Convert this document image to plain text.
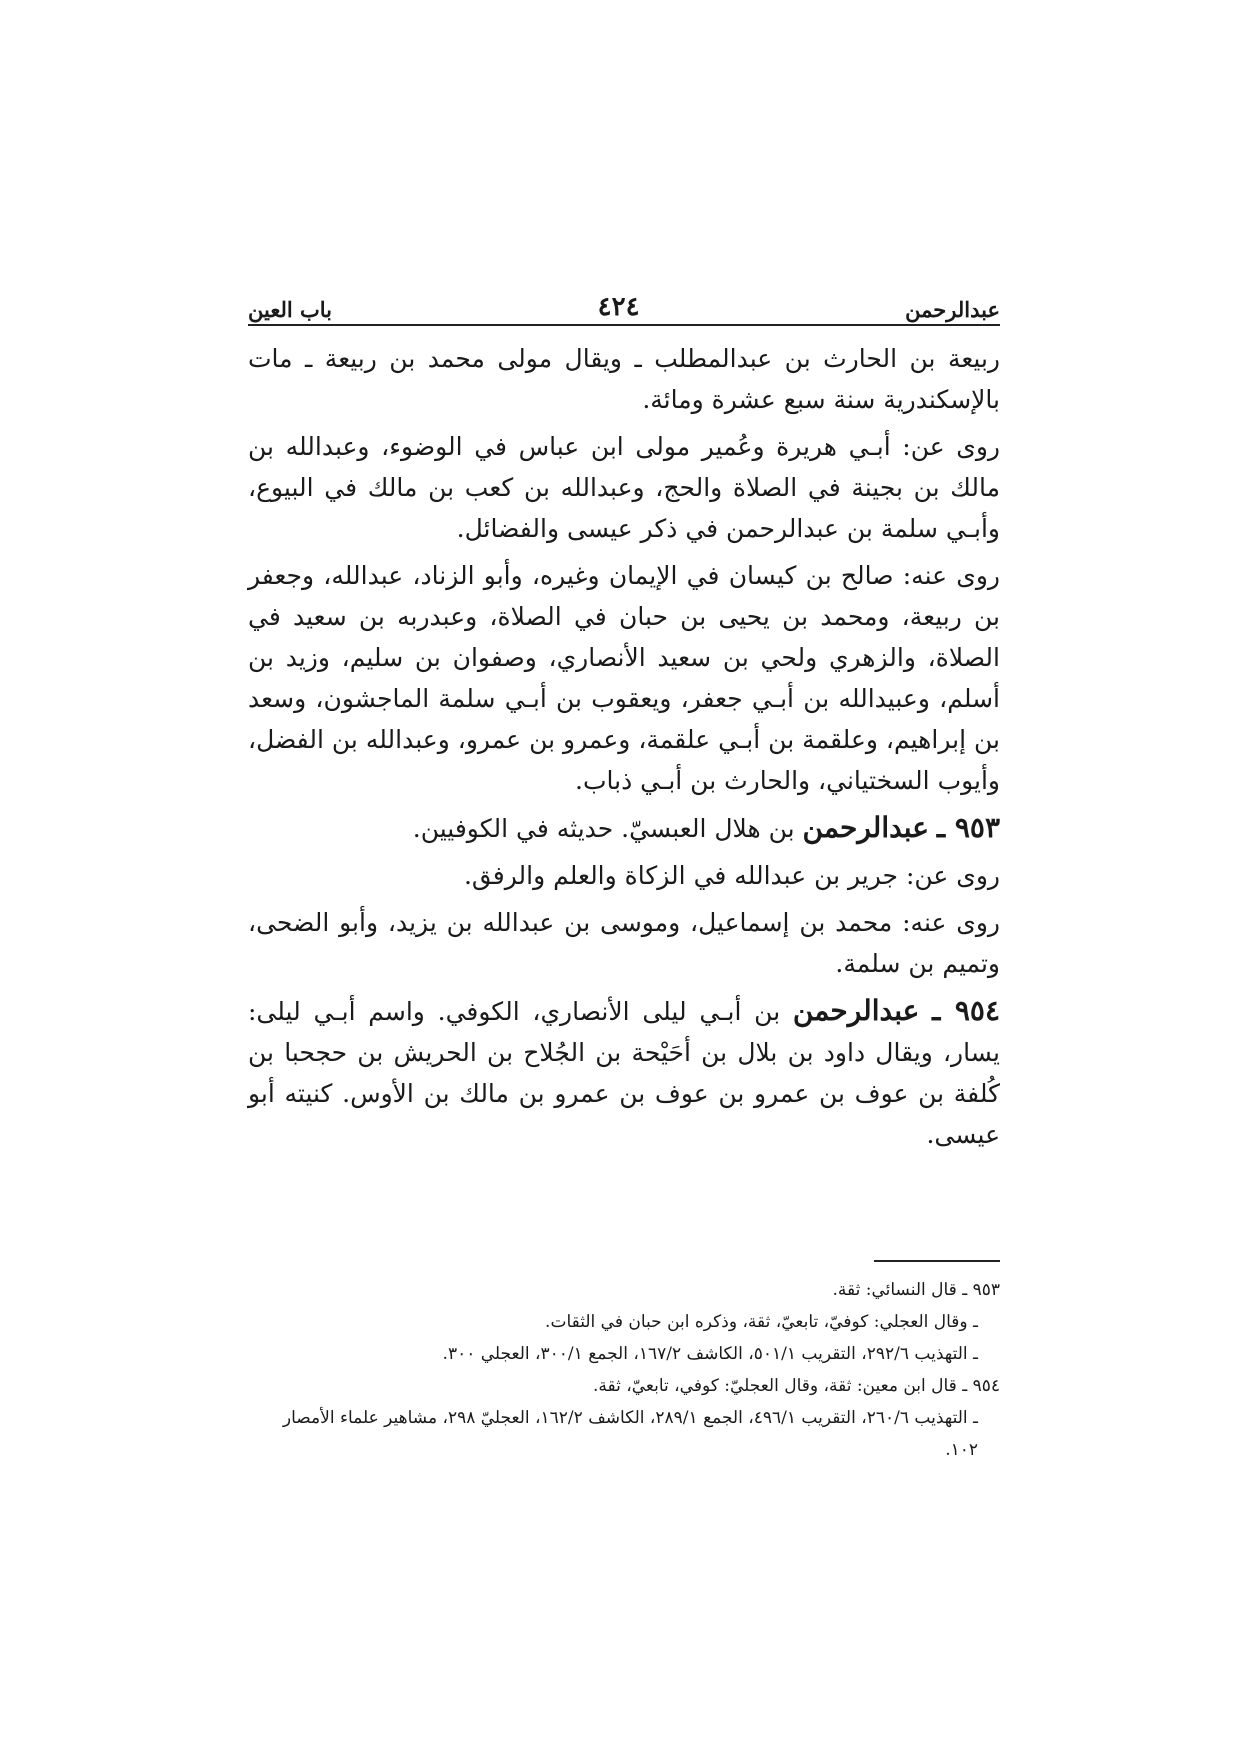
عبدالرحمن
٤٢٤
باب العين

ربيعة بن الحارث بن عبدالمطلب ـ ويقال مولى محمد بن ربيعة ـ مات بالإسكندرية سنة سبع عشرة ومائة.

روى عن: أبـي هريرة وعُمير مولى ابن عباس في الوضوء، وعبدالله بن مالك بن بجينة في الصلاة والحج، وعبدالله بن كعب بن مالك في البيوع، وأبـي سلمة بن عبدالرحمن في ذكر عيسى والفضائل.

روى عنه: صالح بن كيسان في الإيمان وغيره، وأبو الزناد، عبدالله، وجعفر بن ربيعة، ومحمد بن يحيى بن حبان في الصلاة، وعبدربه بن سعيد في الصلاة، والزهري ولحي بن سعيد الأنصاري، وصفوان بن سليم، وزيد بن أسلم، وعبيدالله بن أبـي جعفر، ويعقوب بن أبـي سلمة الماجشون، وسعد بن إبراهيم، وعلقمة بن أبـي علقمة، وعمرو بن عمرو، وعبدالله بن الفضل، وأيوب السختياني، والحارث بن أبـي ذباب.

٩٥٣ ـ عبدالرحمن بن هلال العبسيّ. حديثه في الكوفيين.

روى عن: جرير بن عبدالله في الزكاة والعلم والرفق.

روى عنه: محمد بن إسماعيل، وموسى بن عبدالله بن يزيد، وأبو الضحى، وتميم بن سلمة.

٩٥٤ ـ عبدالرحمن بن أبـي ليلى الأنصاري، الكوفي. واسم أبـي ليلى: يسار، ويقال داود بن بلال بن أحَيْحة بن الجُلاح بن الحريش بن حجحبا بن كُلفة بن عوف بن عمرو بن عوف بن عمرو بن مالك بن الأوس. كنيته أبو عيسى.

٩٥٣ ـ قال النسائي: ثقة.

ـ وقال العجلي: كوفيّ، تابعيّ، ثقة، وذكره ابن حبان في الثقات.

ـ التهذيب ٢٩٢/٦، التقريب ٥٠١/١، الكاشف ١٦٧/٢، الجمع ٣٠٠/١، العجلي ٣٠٠.

٩٥٤ ـ قال ابن معين: ثقة، وقال العجليّ: كوفي، تابعيّ، ثقة.

ـ التهذيب ٢٦٠/٦، التقريب ٤٩٦/١، الجمع ٢٨٩/١، الكاشف ١٦٢/٢، العجليّ ٢٩٨، مشاهير علماء الأمصار ١٠٢.
